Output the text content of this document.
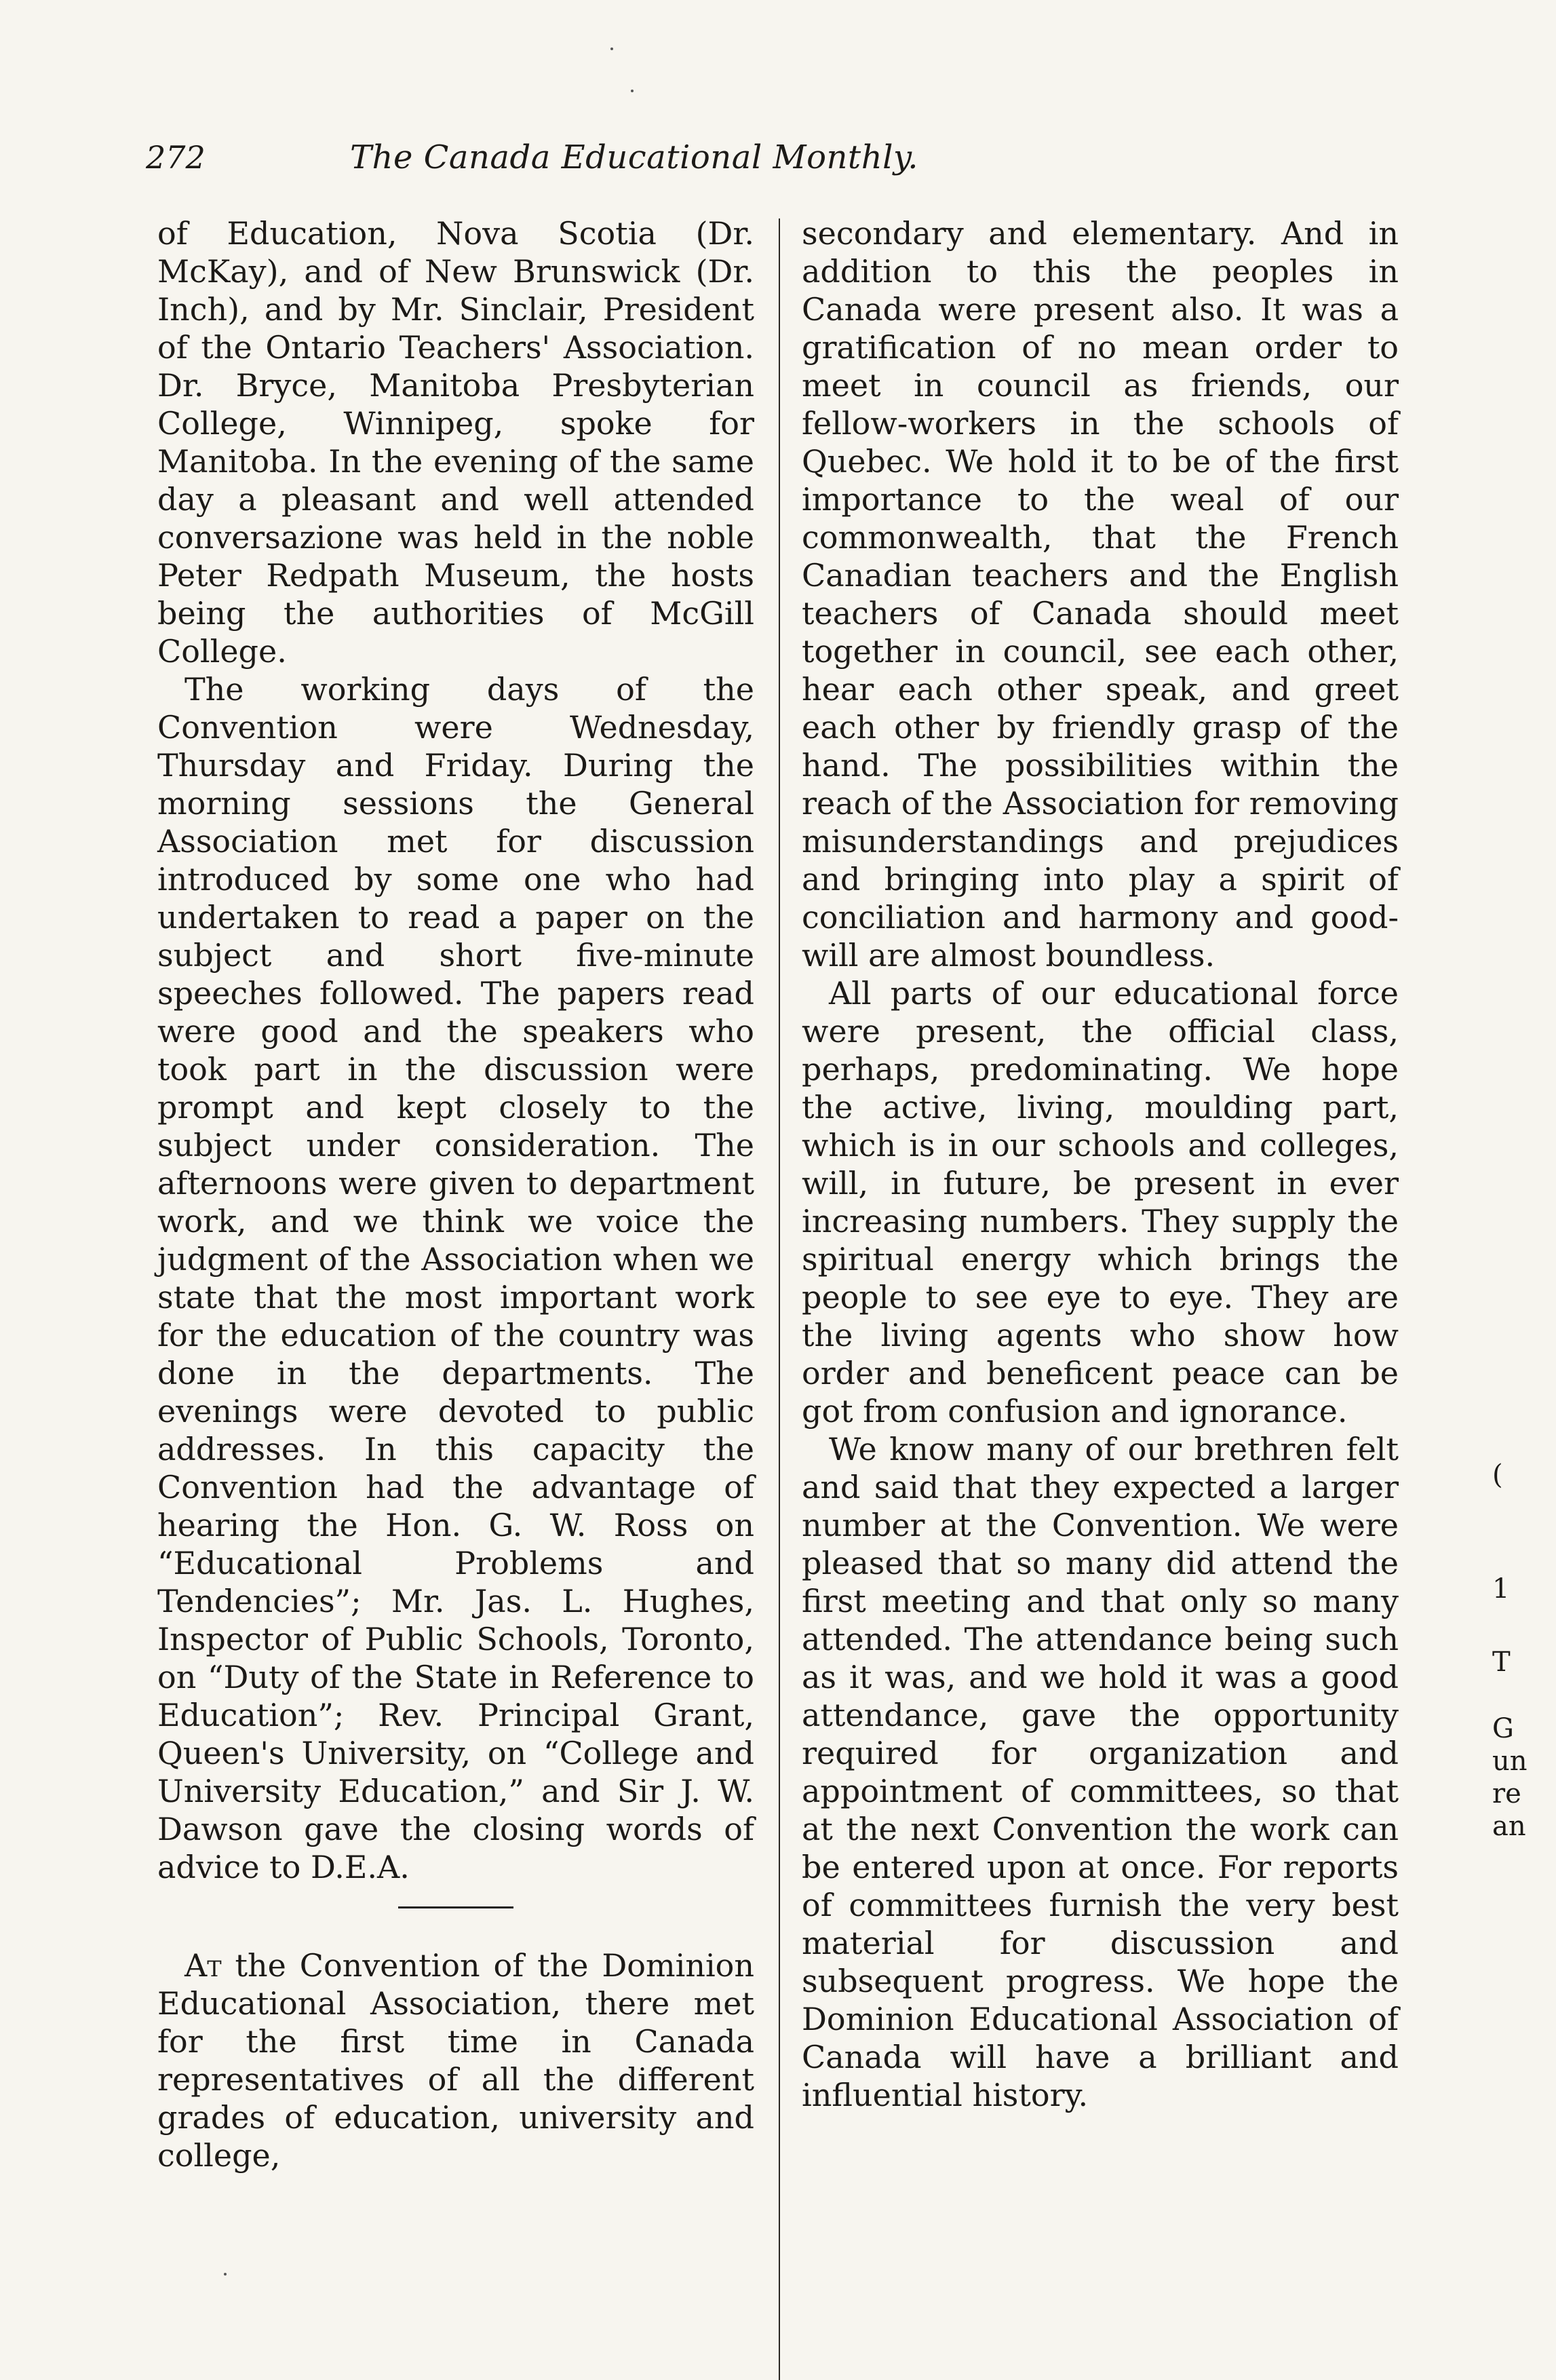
272	The Canada Educational Monthly.

of Education, Nova Scotia (Dr. McKay), and of New Brunswick (Dr. Inch), and by Mr. Sinclair, President of the Ontario Teachers' Association. Dr. Bryce, Manitoba Presbyterian College, Winnipeg, spoke for Manitoba. In the evening of the same day a pleasant and well attended conversazione was held in the noble Peter Redpath Museum, the hosts being the authorities of McGill College.

The working days of the Convention were Wednesday, Thursday and Friday. During the morning sessions the General Association met for discussion introduced by some one who had undertaken to read a paper on the subject and short five-minute speeches followed. The papers read were good and the speakers who took part in the discussion were prompt and kept closely to the subject under consideration. The afternoons were given to department work, and we think we voice the judgment of the Association when we state that the most important work for the education of the country was done in the departments. The evenings were devoted to public addresses. In this capacity the Convention had the advantage of hearing the Hon. G. W. Ross on “Educational Problems and Tendencies”; Mr. Jas. L. Hughes, Inspector of Public Schools, Toronto, on “Duty of the State in Reference to Education”; Rev. Principal Grant, Queen's University, on “College and University Education,” and Sir J. W. Dawson gave the closing words of advice to D.E.A.

At the Convention of the Dominion Educational Association, there met for the first time in Canada representatives of all the different grades of education, university and college,

secondary and elementary. And in addition to this the peoples in Canada were present also. It was a gratification of no mean order to meet in council as friends, our fellow-workers in the schools of Quebec. We hold it to be of the first importance to the weal of our commonwealth, that the French Canadian teachers and the English teachers of Canada should meet together in council, see each other, hear each other speak, and greet each other by friendly grasp of the hand. The possibilities within the reach of the Association for removing misunderstandings and prejudices and bringing into play a spirit of conciliation and harmony and good-will are almost boundless.

All parts of our educational force were present, the official class, perhaps, predominating. We hope the active, living, moulding part, which is in our schools and colleges, will, in future, be present in ever increasing numbers. They supply the spiritual energy which brings the people to see eye to eye. They are the living agents who show how order and beneficent peace can be got from confusion and ignorance.

We know many of our brethren felt and said that they expected a larger number at the Convention. We were pleased that so many did attend the first meeting and that only so many attended. The attendance being such as it was, and we hold it was a good attendance, gave the opportunity required for organization and appointment of committees, so that at the next Convention the work can be entered upon at once. For reports of committees furnish the very best material for discussion and subsequent progress. We hope the Dominion Educational Association of Canada will have a brilliant and influential history.

(
1
T
G
un
re
an
